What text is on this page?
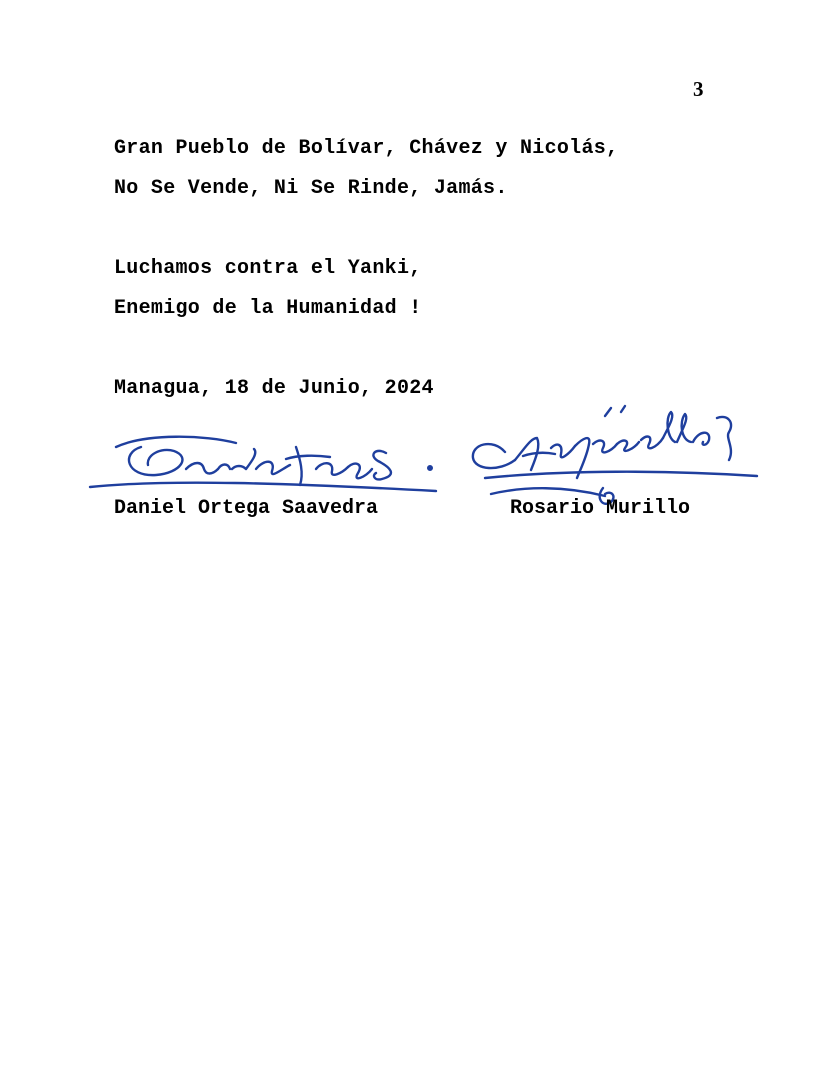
3
Gran Pueblo de Bolívar, Chávez y Nicolás,
No Se Vende, Ni Se Rinde, Jamás.
Luchamos contra el Yanki,
Enemigo de la Humanidad !
Managua, 18 de Junio, 2024
Daniel Ortega Saavedra	Rosario Murillo
